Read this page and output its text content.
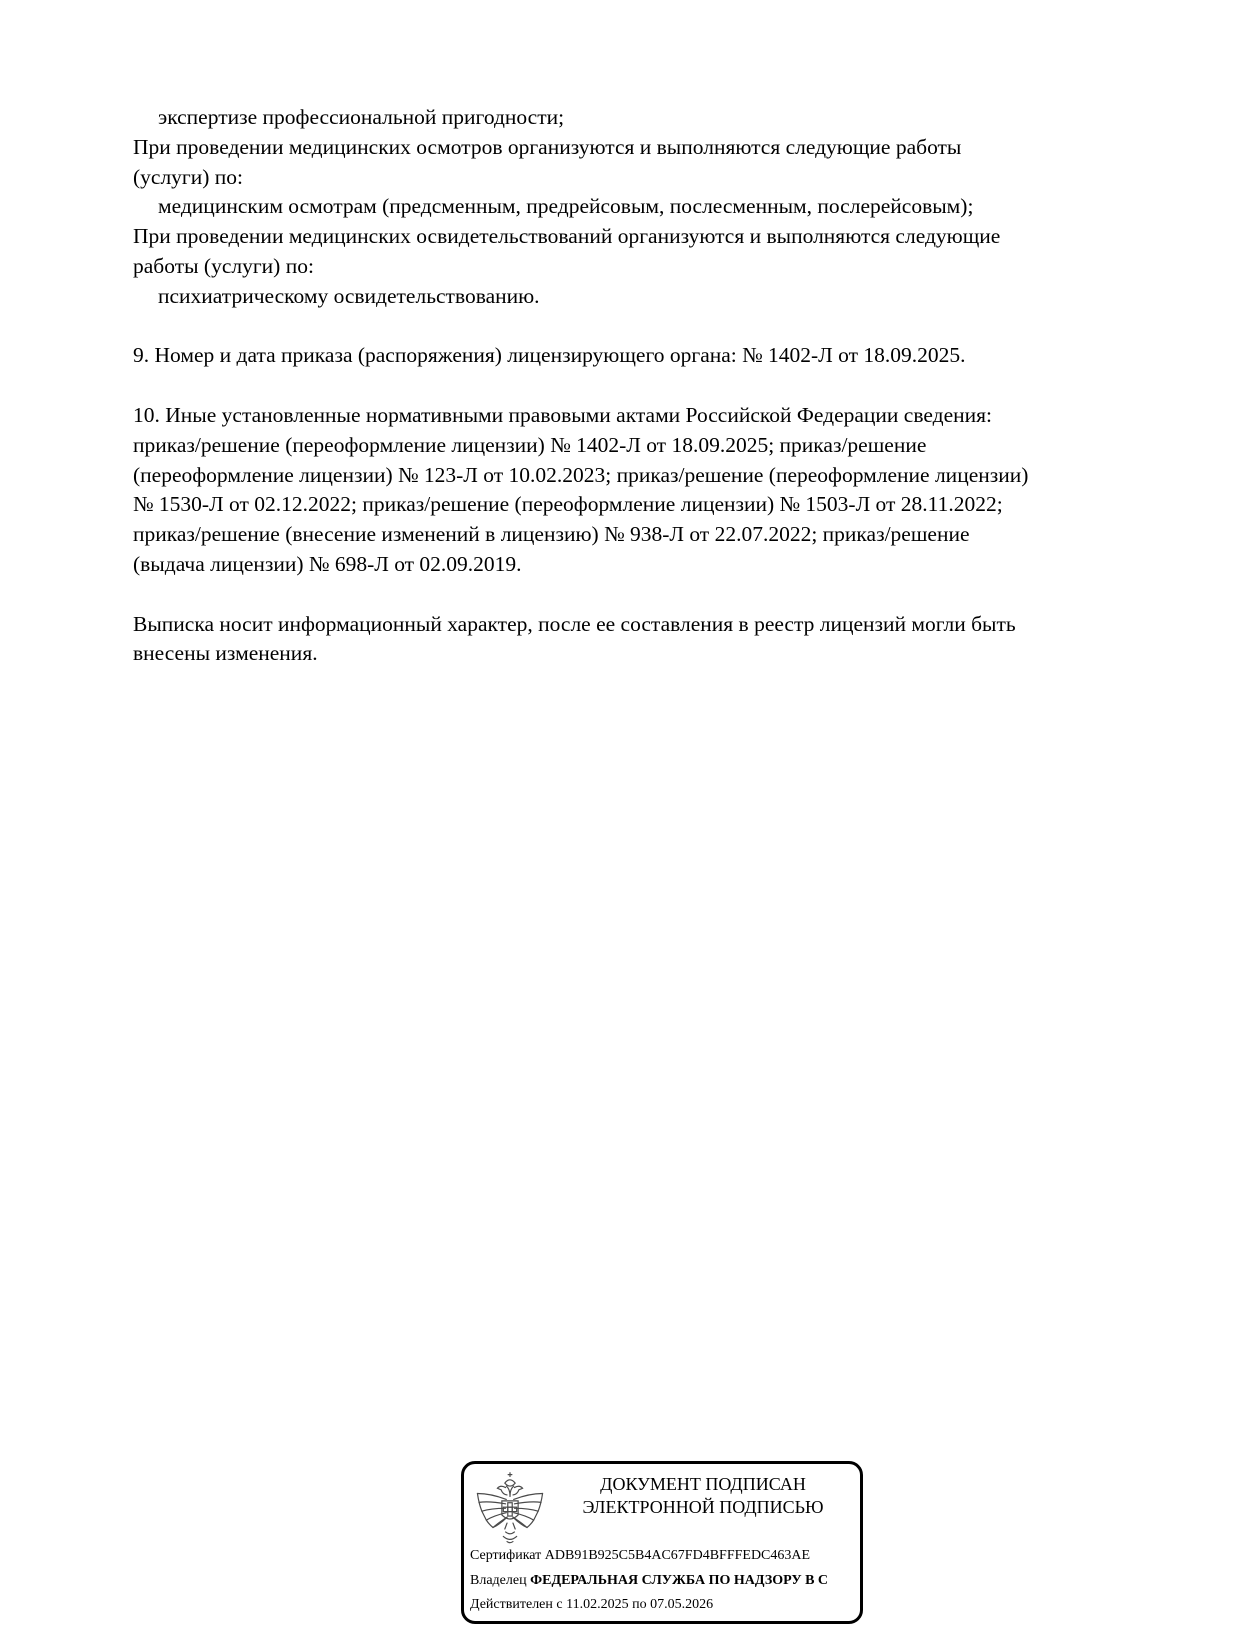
экспертизе профессиональной пригодности;
При проведении медицинских осмотров организуются и выполняются следующие работы
(услуги) по:
медицинским осмотрам (предсменным, предрейсовым, послесменным, послерейсовым);
При проведении медицинских освидетельствований организуются и выполняются следующие
работы (услуги) по:
психиатрическому освидетельствованию.
9. Номер и дата приказа (распоряжения) лицензирующего органа: № 1402-Л от 18.09.2025.
10. Иные установленные нормативными правовыми актами Российской Федерации сведения:
приказ/решение (переоформление лицензии) № 1402-Л от 18.09.2025; приказ/решение
(переоформление лицензии) № 123-Л от 10.02.2023; приказ/решение (переоформление лицензии)
№ 1530-Л от 02.12.2022; приказ/решение (переоформление лицензии) № 1503-Л от 28.11.2022;
приказ/решение (внесение изменений в лицензию) № 938-Л от 22.07.2022; приказ/решение
(выдача лицензии) № 698-Л от 02.09.2019.
Выписка носит информационный характер, после ее составления в реестр лицензий могли быть
внесены изменения.
ДОКУМЕНТ ПОДПИСАН
ЭЛЕКТРОННОЙ ПОДПИСЬЮ
Сертификат ADB91B925C5B4AC67FD4BFFFEDC463AE
Владелец ФЕДЕРАЛЬНАЯ СЛУЖБА ПО НАДЗОРУ В С
Действителен с 11.02.2025 по 07.05.2026
